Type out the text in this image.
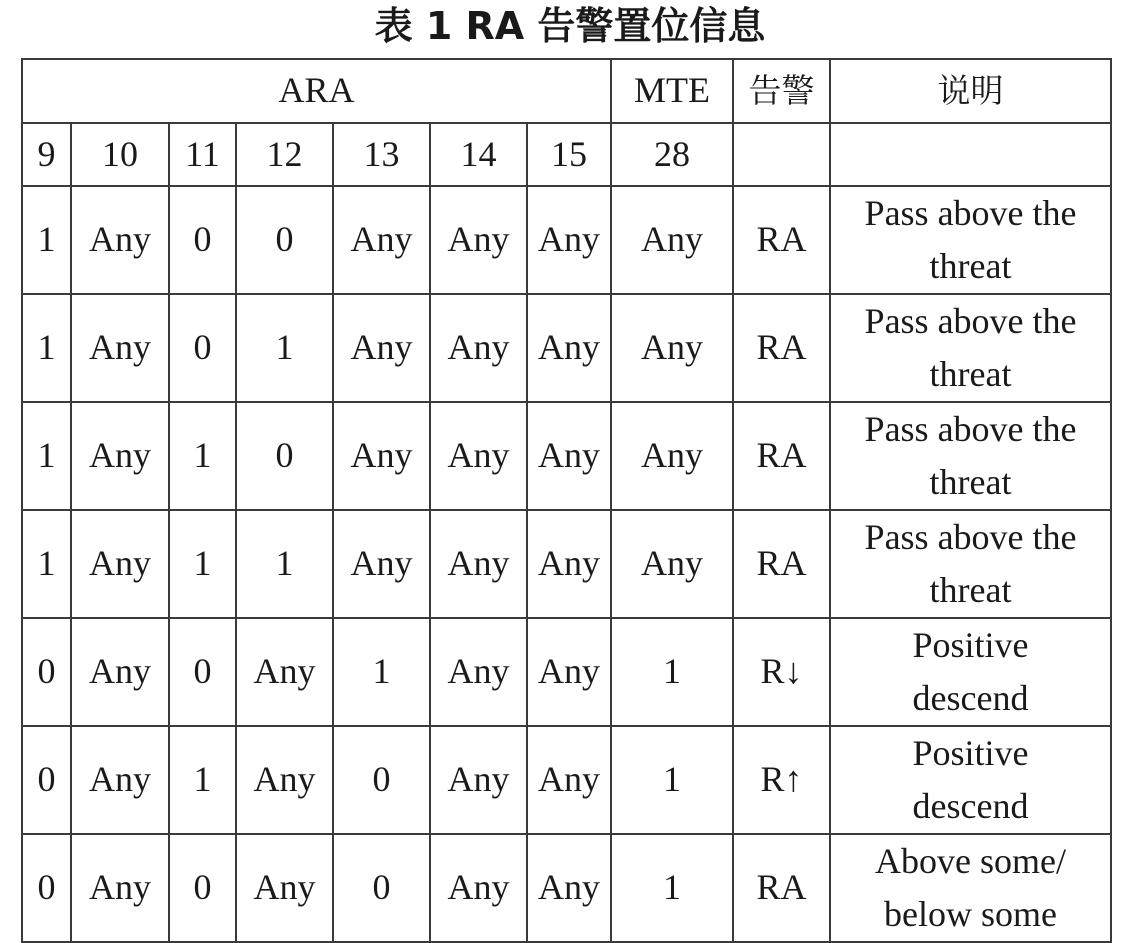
表 1 RA 告警置位信息
ARA							MTE	告警	说明
9	10	11	12	13	14	15	28		
1	Any	0	0	Any	Any	Any	Any	RA	Pass above the
threat

1	Any	0	1	Any	Any	Any	Any	RA	Pass above the
threat

1	Any	1	0	Any	Any	Any	Any	RA	Pass above the
threat

1	Any	1	1	Any	Any	Any	Any	RA	Pass above the
threat

0	Any	0	Any	1	Any	Any	1	R↓	Positive
descend

0	Any	1	Any	0	Any	Any	1	R↑	Positive
descend

0	Any	0	Any	0	Any	Any	1	RA	Above some/
below some
